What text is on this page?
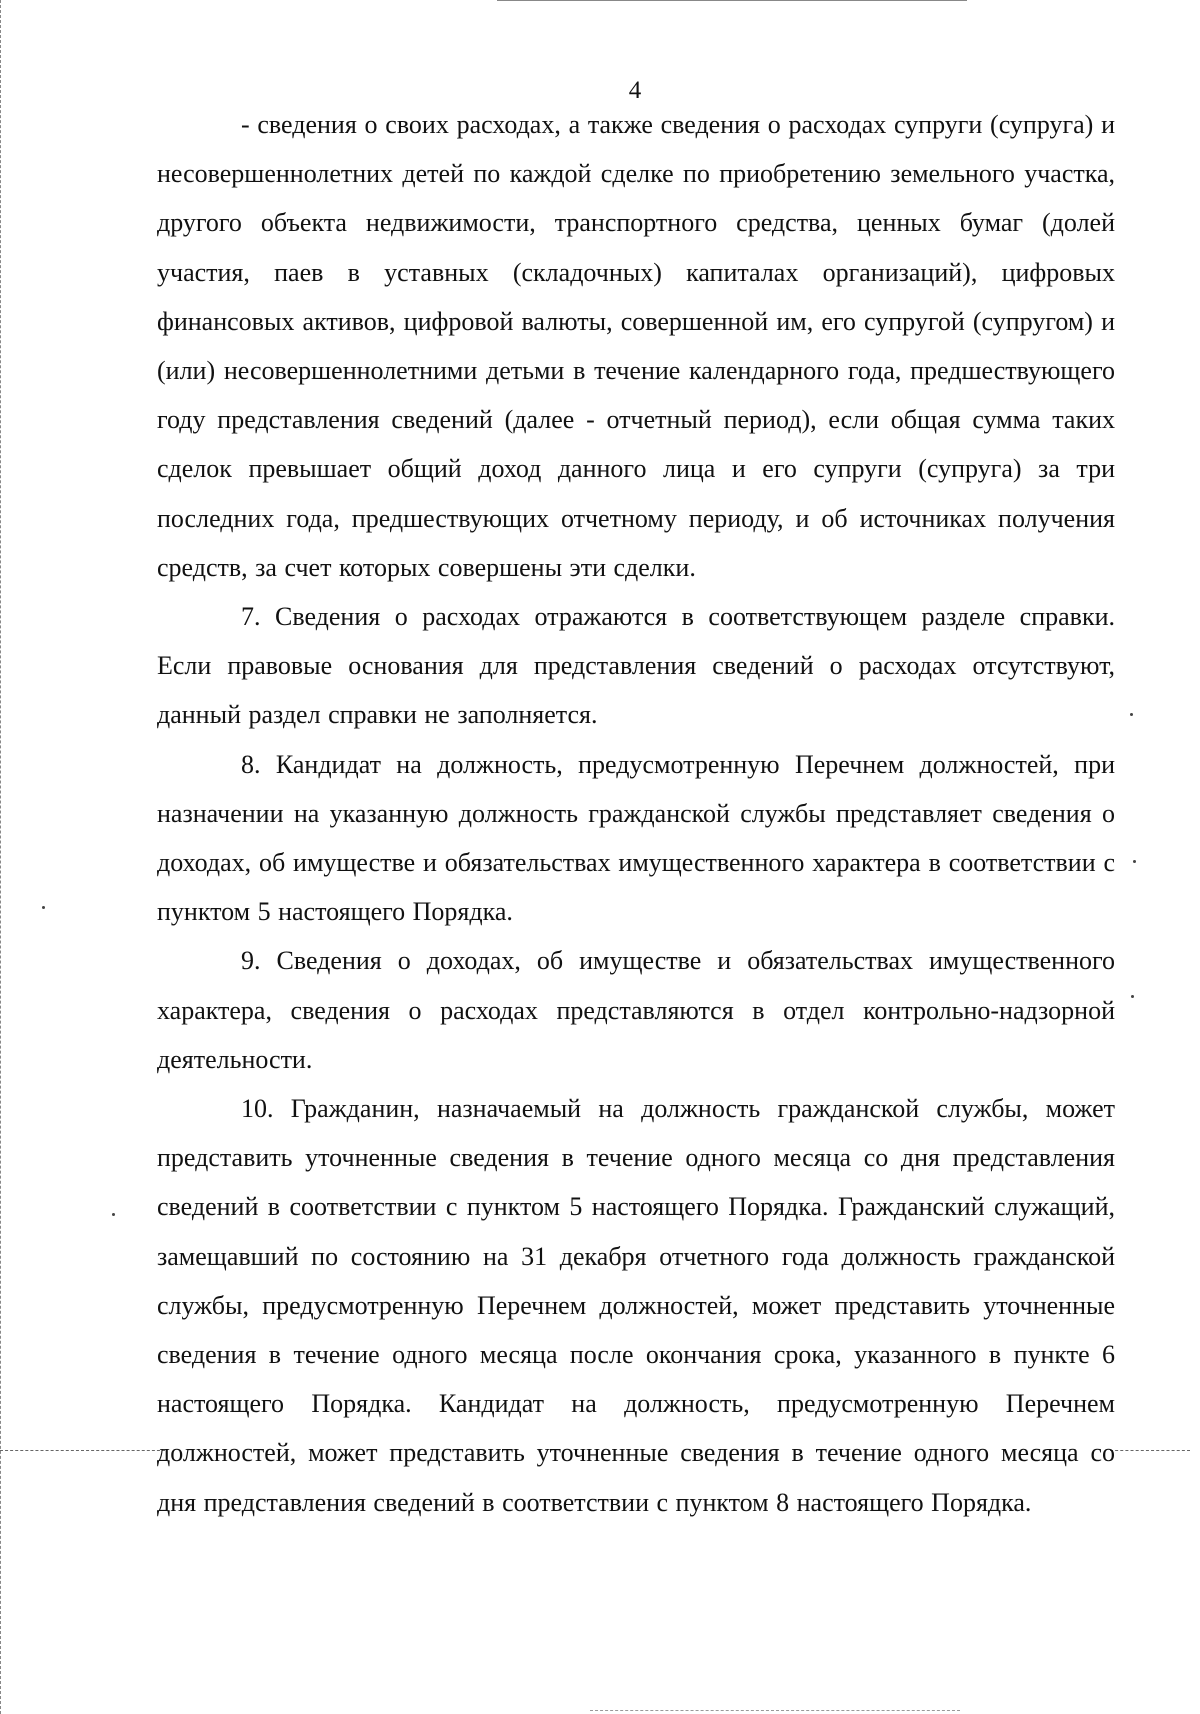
4

- сведения о своих расходах, а также сведения о расходах супруги (супруга) и несовершеннолетних детей по каждой сделке по приобретению земельного участка, другого объекта недвижимости, транспортного средства, ценных бумаг (долей участия, паев в уставных (складочных) капиталах организаций), цифровых финансовых активов, цифровой валюты, совершенной им, его супругой (супругом) и (или) несовершеннолетними детьми в течение календарного года, предшествующего году представления сведений (далее - отчетный период), если общая сумма таких сделок превышает общий доход данного лица и его супруги (супруга) за три последних года, предшествующих отчетному периоду, и об источниках получения средств, за счет которых совершены эти сделки.

7. Сведения о расходах отражаются в соответствующем разделе справки. Если правовые основания для представления сведений о расходах отсутствуют, данный раздел справки не заполняется.

8. Кандидат на должность, предусмотренную Перечнем должностей, при назначении на указанную должность гражданской службы представляет сведения о доходах, об имуществе и обязательствах имущественного характера в соответствии с пунктом 5 настоящего Порядка.

9. Сведения о доходах, об имуществе и обязательствах имущественного характера, сведения о расходах представляются в отдел контрольно-надзорной деятельности.

10. Гражданин, назначаемый на должность гражданской службы, может представить уточненные сведения в течение одного месяца со дня представления сведений в соответствии с пунктом 5 настоящего Порядка. Гражданский служащий, замещавший по состоянию на 31 декабря отчетного года должность гражданской службы, предусмотренную Перечнем должностей, может представить уточненные сведения в течение одного месяца после окончания срока, указанного в пункте 6 настоящего Порядка. Кандидат на должность, предусмотренную Перечнем должностей, может представить уточненные сведения в течение одного месяца со дня представления сведений в соответствии с пунктом 8 настоящего Порядка.
